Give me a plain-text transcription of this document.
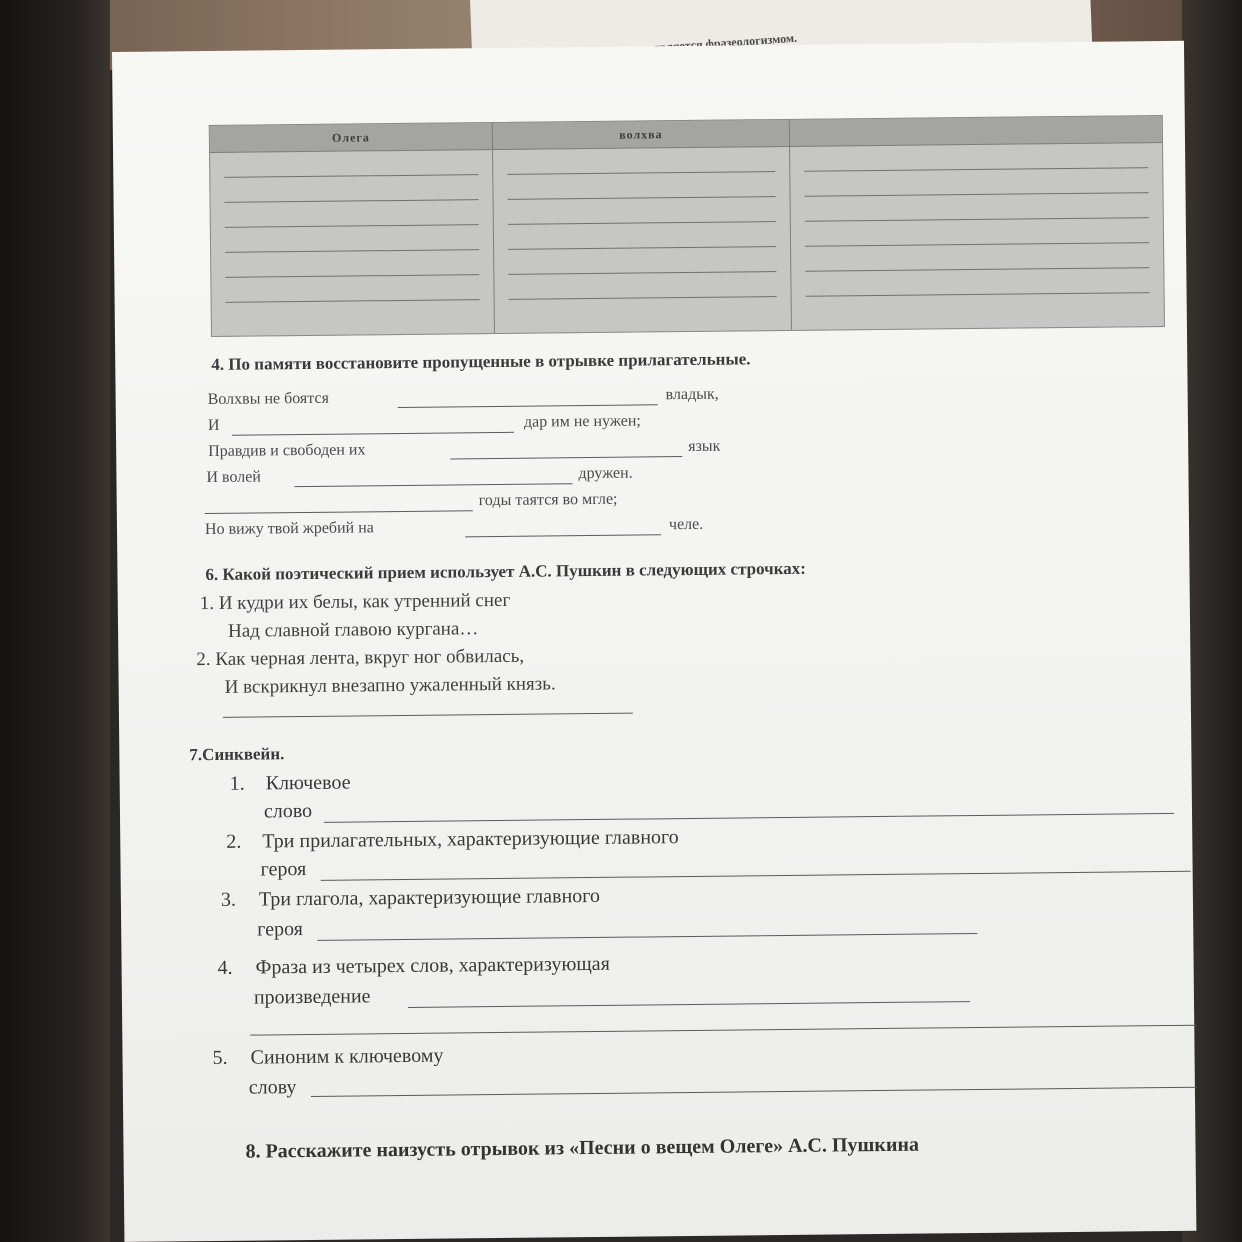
Олега	волхва
4. По памяти восстановите пропущенные в отрывке прилагательные.
Волхвы не боятся	владык,
И	дар им не нужен;
Правдив и свободен их	язык
И волей	дружен.
годы таятся во мгле;
Но вижу твой жребий на	челе.
6. Какой поэтический прием использует А.С. Пушкин в следующих строчках:
1. И кудри их белы, как утренний снег
Над славной главою кургана…
2. Как черная лента, вкруг ног обвилась,
И вскрикнул внезапно ужаленный князь.
7.Синквейн.
1. Ключевое
слово
2. Три прилагательных, характеризующие главного
героя
3. Три глагола, характеризующие главного
героя
4. Фраза из четырех слов, характеризующая
произведение
5. Синоним к ключевому
слову
8. Расскажите наизусть отрывок из «Песни о вещем Олеге» А.С. Пушкина
